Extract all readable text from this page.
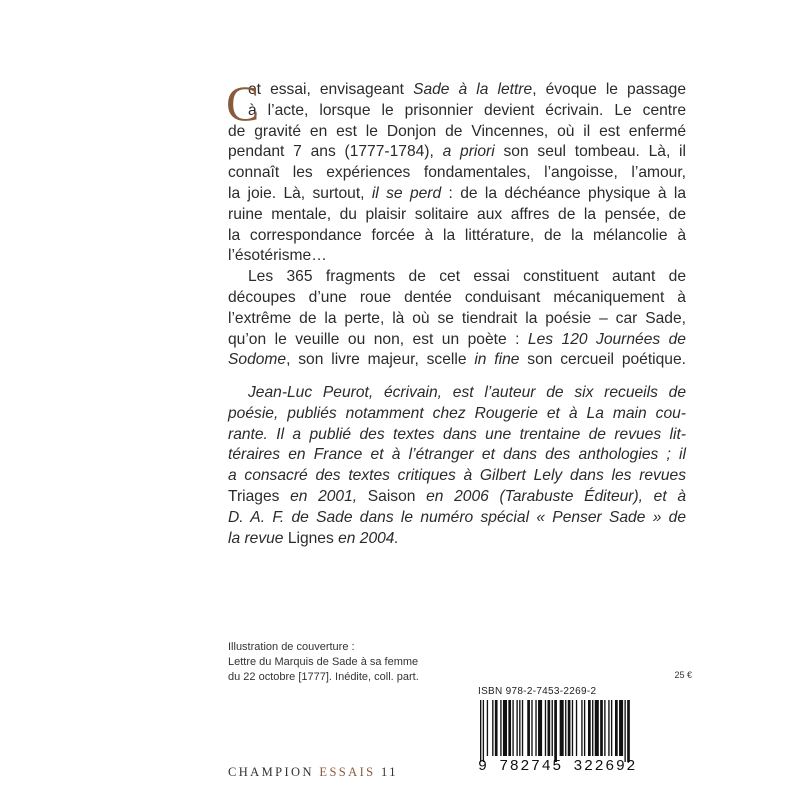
C
et essai, envisageant Sade à la lettre, évoque le passage
à l’acte, lorsque le prisonnier devient écrivain. Le centre
de gravité en est le Donjon de Vincennes, où il est enfermé
pendant 7 ans (1777-1784), a priori son seul tombeau. Là, il
connaît les expériences fondamentales, l’angoisse, l’amour,
la joie. Là, surtout, il se perd : de la déchéance physique à la
ruine mentale, du plaisir solitaire aux affres de la pensée, de
la correspondance forcée à la littérature, de la mélancolie à
l’ésotérisme…
Les 365 fragments de cet essai constituent autant de
découpes d’une roue dentée conduisant mécaniquement à
l’extrême de la perte, là où se tiendrait la poésie – car Sade,
qu’on le veuille ou non, est un poète : Les 120 Journées de
Sodome, son livre majeur, scelle in fine son cercueil poétique.
Jean-Luc Peurot, écrivain, est l’auteur de six recueils de
poésie, publiés notamment chez Rougerie et à La main cou-
rante. Il a publié des textes dans une trentaine de revues lit-
téraires en France et à l’étranger et dans des anthologies ; il
a consacré des textes critiques à Gilbert Lely dans les revues
Triages en 2001, Saison en 2006 (Tarabuste Éditeur), et à
D. A. F. de Sade dans le numéro spécial « Penser Sade » de
la revue Lignes en 2004.
Illustration de couverture :
Lettre du Marquis de Sade à sa femme
du 22 octobre [1777]. Inédite, coll. part.	25 €
ISBN 978-2-7453-2269-2
9 782745 322692
CHAMPION ESSAIS 11
